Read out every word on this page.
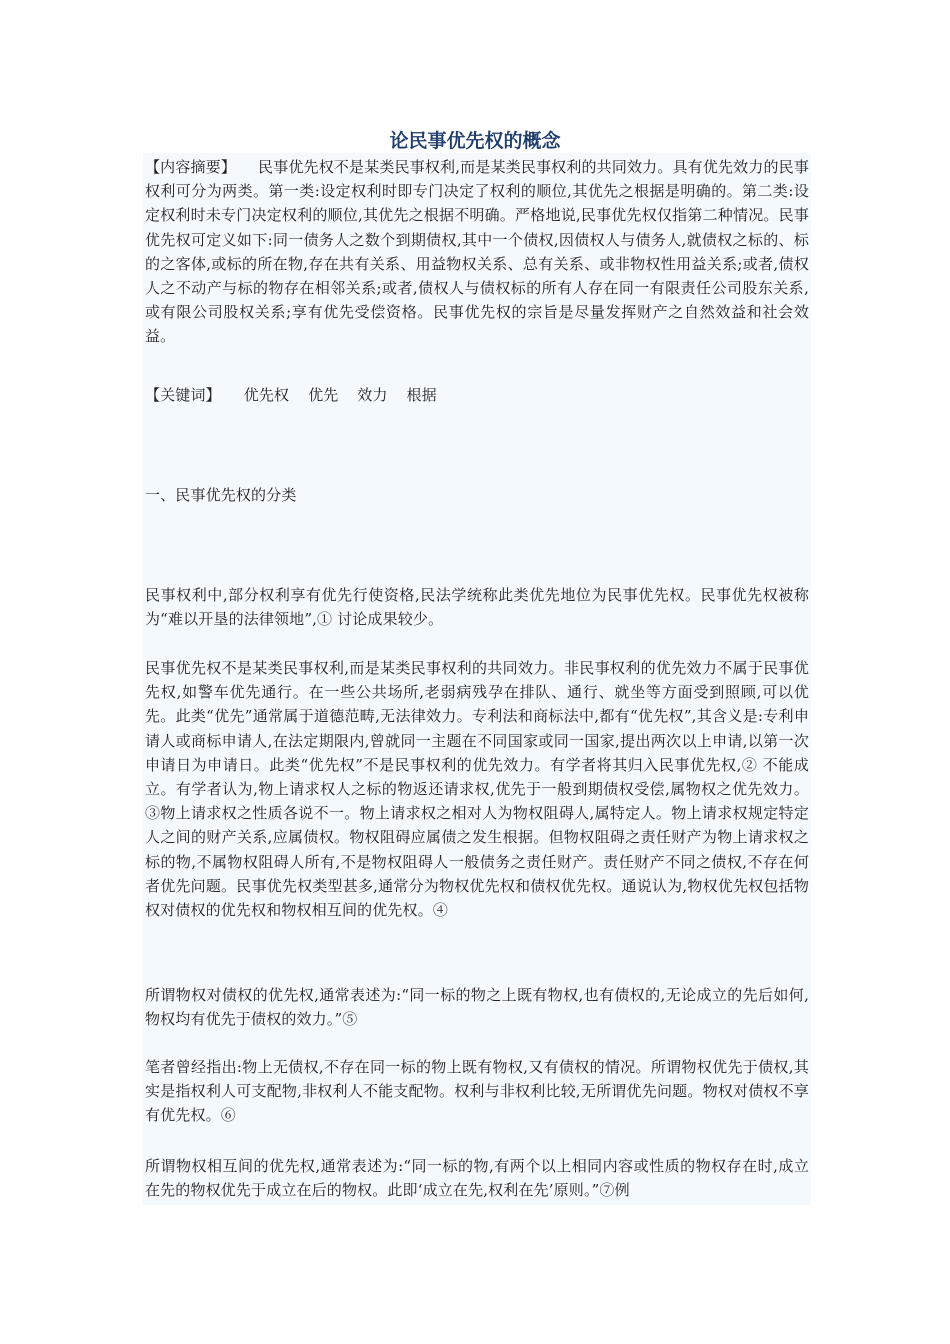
论民事优先权的概念
【内容摘要】 民事优先权不是某类民事权利,而是某类民事权利的共同效力。具有优先效力的民事权利可分为两类。第一类:设定权利时即专门决定了权利的顺位,其优先之根据是明确的。第二类:设定权利时未专门决定权利的顺位,其优先之根据不明确。严格地说,民事优先权仅指第二种情况。民事优先权可定义如下:同一债务人之数个到期债权,其中一个债权,因债权人与债务人,就债权之标的、标的之客体,或标的所在物,存在共有关系、用益物权关系、总有关系、或非物权性用益关系;或者,债权人之不动产与标的物存在相邻关系;或者,债权人与债权标的所有人存在同一有限责任公司股东关系,或有限公司股权关系;享有优先受偿资格。民事优先权的宗旨是尽量发挥财产之自然效益和社会效益。
【关键词】 优先权 优先 效力 根据
一、民事优先权的分类
民事权利中,部分权利享有优先行使资格,民法学统称此类优先地位为民事优先权。民事优先权被称为“难以开垦的法律领地”,① 讨论成果较少。
民事优先权不是某类民事权利,而是某类民事权利的共同效力。非民事权利的优先效力不属于民事优先权,如警车优先通行。在一些公共场所,老弱病残孕在排队、通行、就坐等方面受到照顾,可以优先。此类“优先”通常属于道德范畴,无法律效力。专利法和商标法中,都有“优先权”,其含义是:专利申请人或商标申请人,在法定期限内,曾就同一主题在不同国家或同一国家,提出两次以上申请,以第一次申请日为申请日。此类“优先权”不是民事权利的优先效力。有学者将其归入民事优先权,② 不能成立。有学者认为,物上请求权人之标的物返还请求权,优先于一般到期债权受偿,属物权之优先效力。③物上请求权之性质各说不一。物上请求权之相对人为物权阻碍人,属特定人。物上请求权规定特定人之间的财产关系,应属债权。物权阻碍应属债之发生根据。但物权阻碍之责任财产为物上请求权之标的物,不属物权阻碍人所有,不是物权阻碍人一般债务之责任财产。责任财产不同之债权,不存在何者优先问题。民事优先权类型甚多,通常分为物权优先权和债权优先权。通说认为,物权优先权包括物权对债权的优先权和物权相互间的优先权。④
所谓物权对债权的优先权,通常表述为:“同一标的物之上既有物权,也有债权的,无论成立的先后如何,物权均有优先于债权的效力。”⑤
笔者曾经指出:物上无债权,不存在同一标的物上既有物权,又有债权的情况。所谓物权优先于债权,其实是指权利人可支配物,非权利人不能支配物。权利与非权利比较,无所谓优先问题。物权对债权不享有优先权。⑥
所谓物权相互间的优先权,通常表述为:“同一标的物,有两个以上相同内容或性质的物权存在时,成立在先的物权优先于成立在后的物权。此即‘成立在先,权利在先’原则。”⑦例
